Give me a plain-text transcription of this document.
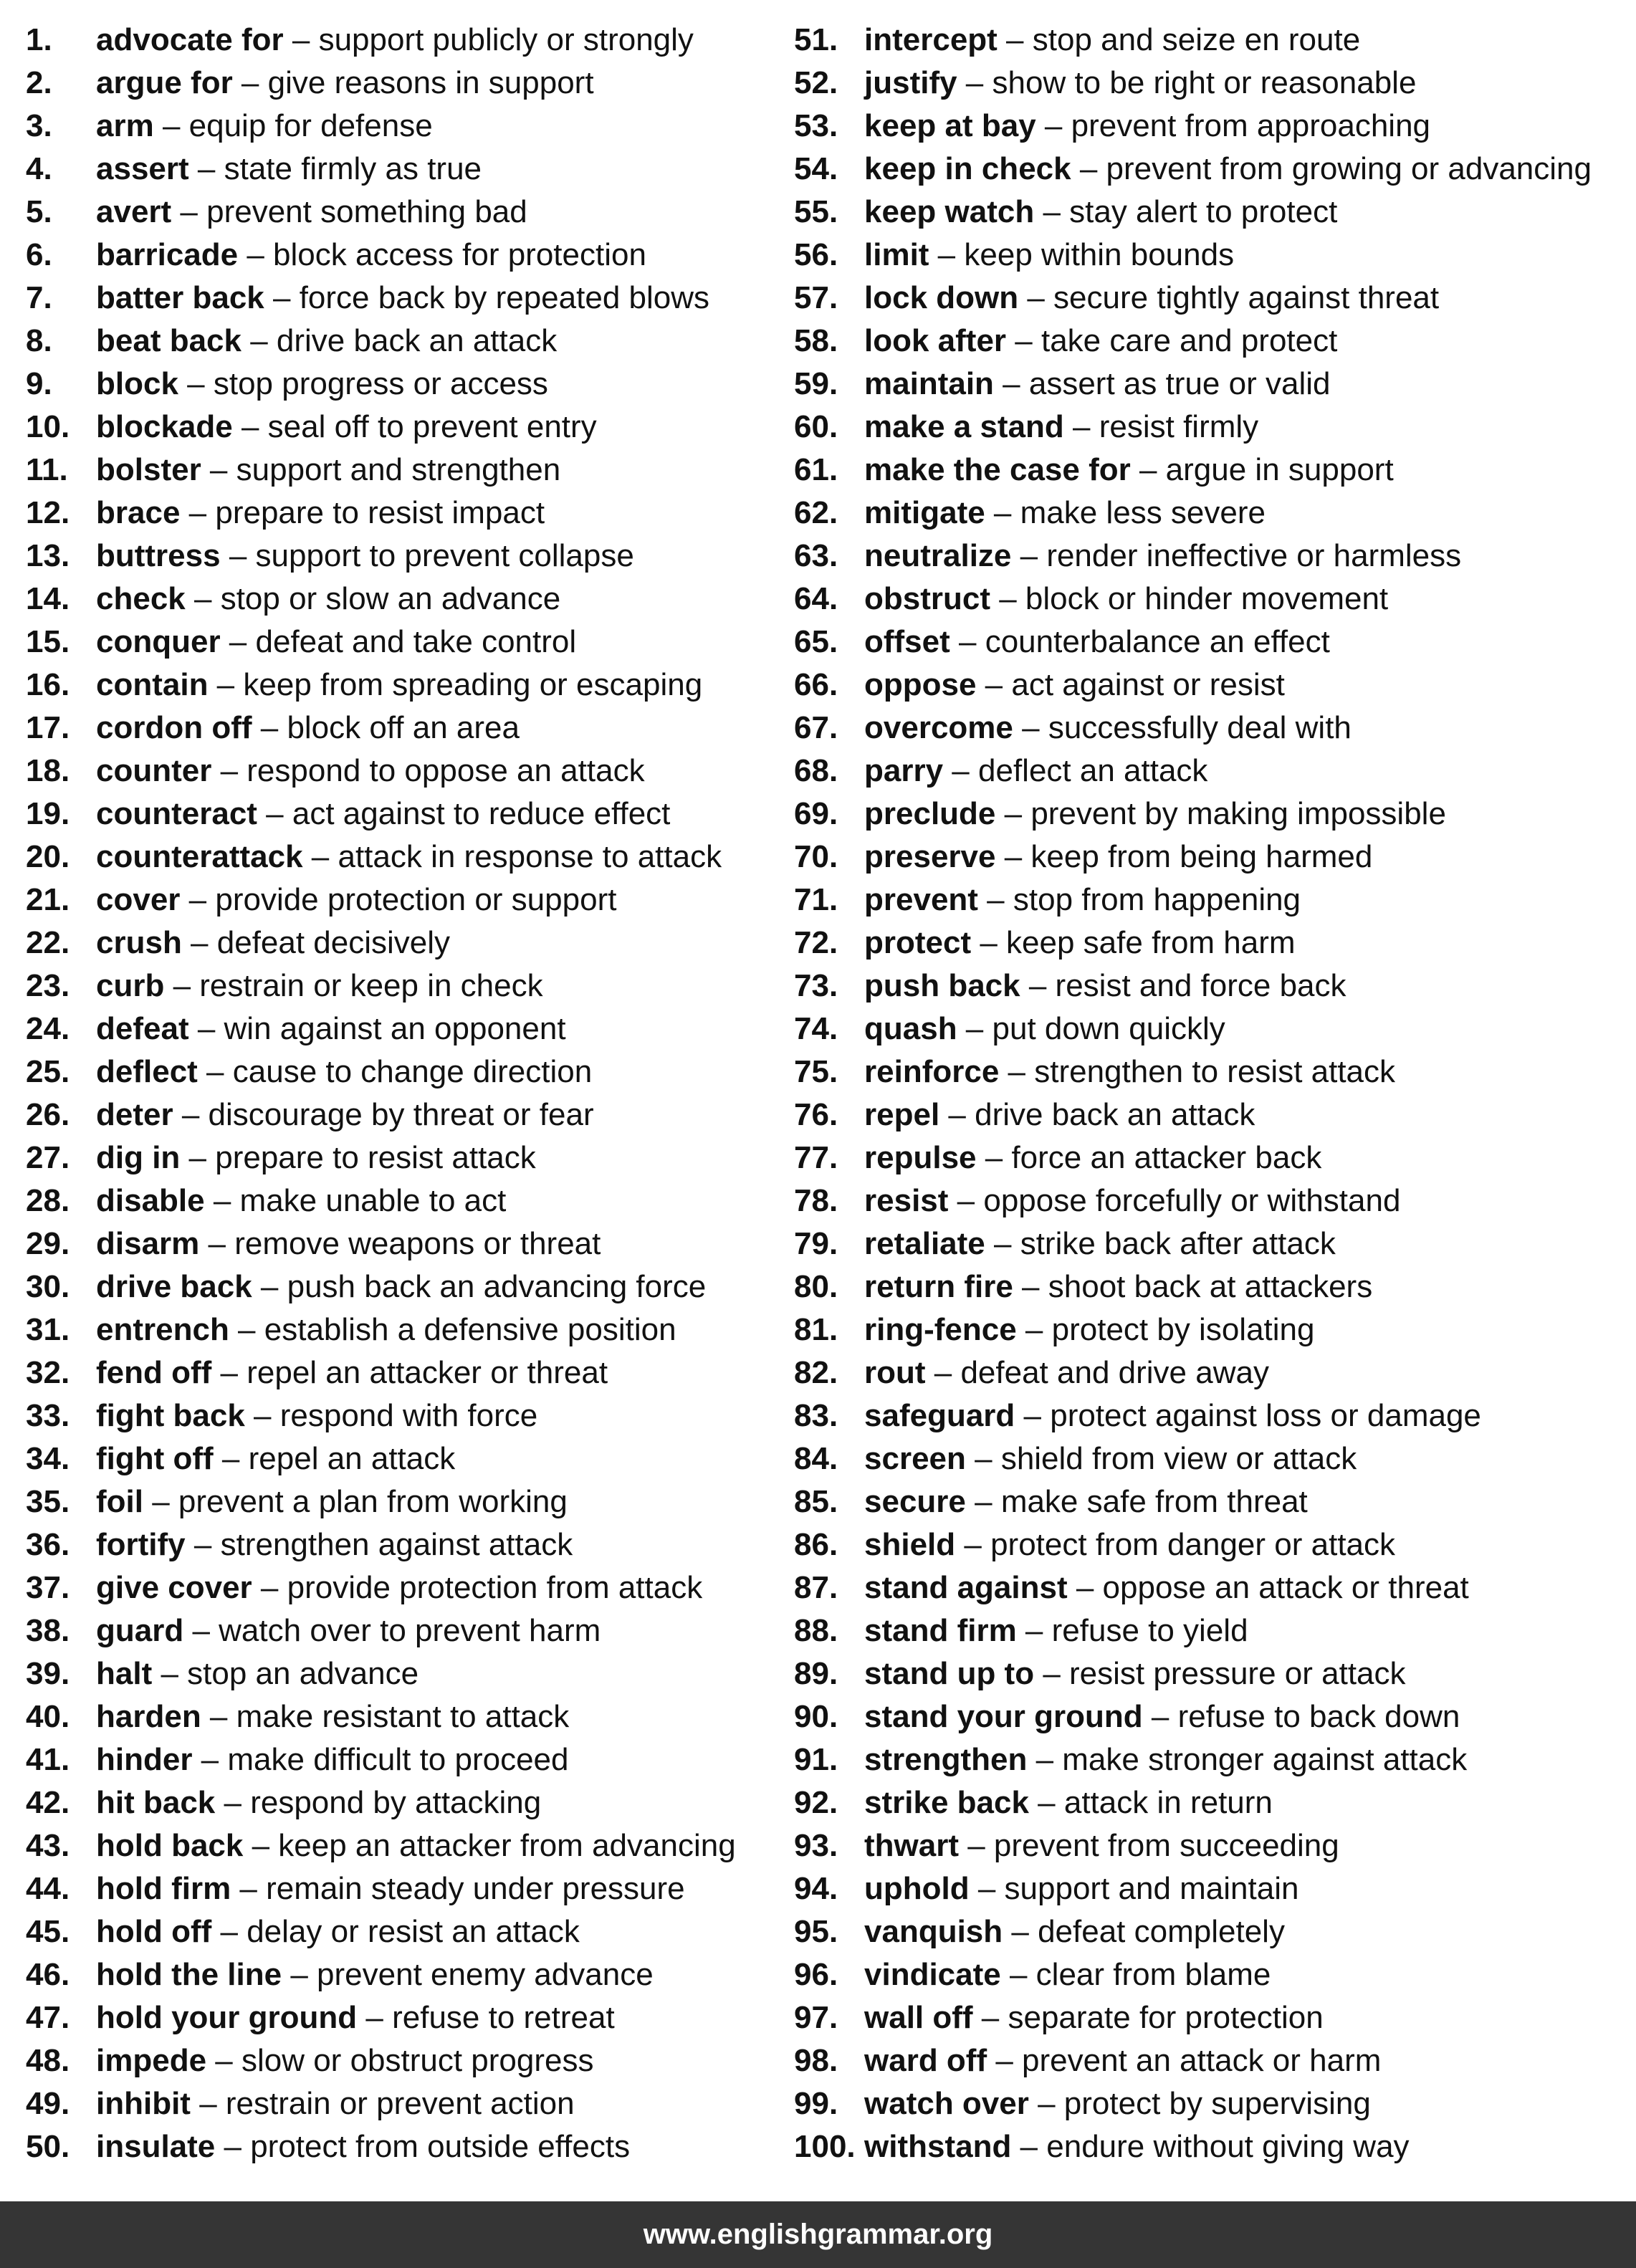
1. advocate for – support publicly or strongly
2. argue for – give reasons in support
3. arm – equip for defense
4. assert – state firmly as true
5. avert – prevent something bad
6. barricade – block access for protection
7. batter back – force back by repeated blows
8. beat back – drive back an attack
9. block – stop progress or access
10. blockade – seal off to prevent entry
11. bolster – support and strengthen
12. brace – prepare to resist impact
13. buttress – support to prevent collapse
14. check – stop or slow an advance
15. conquer – defeat and take control
16. contain – keep from spreading or escaping
17. cordon off – block off an area
18. counter – respond to oppose an attack
19. counteract – act against to reduce effect
20. counterattack – attack in response to attack
21. cover – provide protection or support
22. crush – defeat decisively
23. curb – restrain or keep in check
24. defeat – win against an opponent
25. deflect – cause to change direction
26. deter – discourage by threat or fear
27. dig in – prepare to resist attack
28. disable – make unable to act
29. disarm – remove weapons or threat
30. drive back – push back an advancing force
31. entrench – establish a defensive position
32. fend off – repel an attacker or threat
33. fight back – respond with force
34. fight off – repel an attack
35. foil – prevent a plan from working
36. fortify – strengthen against attack
37. give cover – provide protection from attack
38. guard – watch over to prevent harm
39. halt – stop an advance
40. harden – make resistant to attack
41. hinder – make difficult to proceed
42. hit back – respond by attacking
43. hold back – keep an attacker from advancing
44. hold firm – remain steady under pressure
45. hold off – delay or resist an attack
46. hold the line – prevent enemy advance
47. hold your ground – refuse to retreat
48. impede – slow or obstruct progress
49. inhibit – restrain or prevent action
50. insulate – protect from outside effects
51. intercept – stop and seize en route
52. justify – show to be right or reasonable
53. keep at bay – prevent from approaching
54. keep in check – prevent from growing or advancing
55. keep watch – stay alert to protect
56. limit – keep within bounds
57. lock down – secure tightly against threat
58. look after – take care and protect
59. maintain – assert as true or valid
60. make a stand – resist firmly
61. make the case for – argue in support
62. mitigate – make less severe
63. neutralize – render ineffective or harmless
64. obstruct – block or hinder movement
65. offset – counterbalance an effect
66. oppose – act against or resist
67. overcome – successfully deal with
68. parry – deflect an attack
69. preclude – prevent by making impossible
70. preserve – keep from being harmed
71. prevent – stop from happening
72. protect – keep safe from harm
73. push back – resist and force back
74. quash – put down quickly
75. reinforce – strengthen to resist attack
76. repel – drive back an attack
77. repulse – force an attacker back
78. resist – oppose forcefully or withstand
79. retaliate – strike back after attack
80. return fire – shoot back at attackers
81. ring-fence – protect by isolating
82. rout – defeat and drive away
83. safeguard – protect against loss or damage
84. screen – shield from view or attack
85. secure – make safe from threat
86. shield – protect from danger or attack
87. stand against – oppose an attack or threat
88. stand firm – refuse to yield
89. stand up to – resist pressure or attack
90. stand your ground – refuse to back down
91. strengthen – make stronger against attack
92. strike back – attack in return
93. thwart – prevent from succeeding
94. uphold – support and maintain
95. vanquish – defeat completely
96. vindicate – clear from blame
97. wall off – separate for protection
98. ward off – prevent an attack or harm
99. watch over – protect by supervising
100. withstand – endure without giving way
www.englishgrammar.org
